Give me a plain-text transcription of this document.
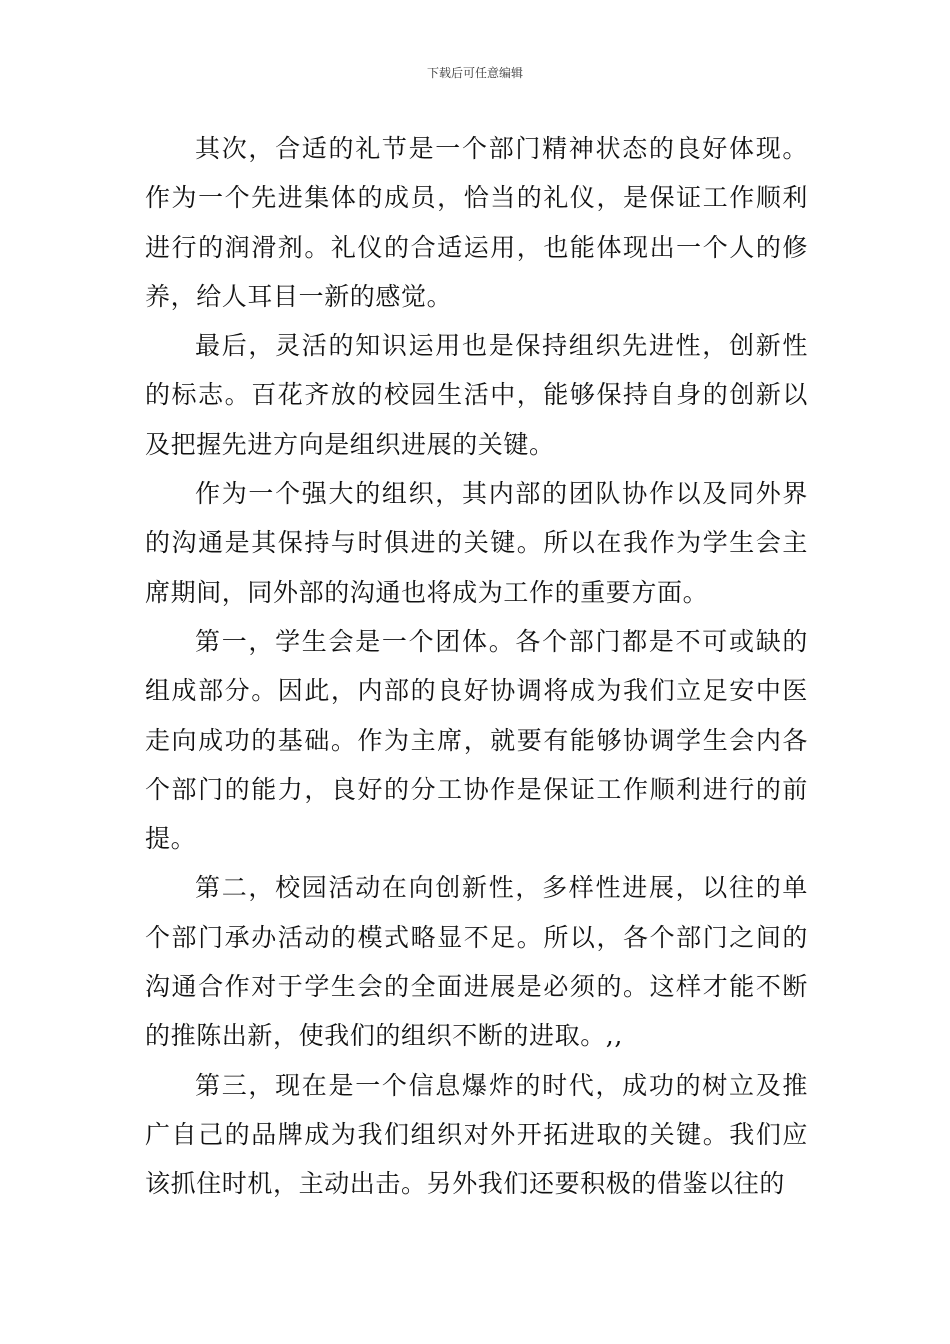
下载后可任意编辑

其次，合适的礼节是一个部门精神状态的良好体现。作为一个先进集体的成员，恰当的礼仪，是保证工作顺利进行的润滑剂。礼仪的合适运用，也能体现出一个人的修养，给人耳目一新的感觉。

最后，灵活的知识运用也是保持组织先进性，创新性的标志。百花齐放的校园生活中，能够保持自身的创新以及把握先进方向是组织进展的关键。

作为一个强大的组织，其内部的团队协作以及同外界的沟通是其保持与时俱进的关键。所以在我作为学生会主席期间，同外部的沟通也将成为工作的重要方面。

第一，学生会是一个团体。各个部门都是不可或缺的组成部分。因此，内部的良好协调将成为我们立足安中医走向成功的基础。作为主席，就要有能够协调学生会内各个部门的能力，良好的分工协作是保证工作顺利进行的前提。

第二，校园活动在向创新性，多样性进展，以往的单个部门承办活动的模式略显不足。所以，各个部门之间的沟通合作对于学生会的全面进展是必须的。这样才能不断的推陈出新，使我们的组织不断的进取。,,

第三，现在是一个信息爆炸的时代，成功的树立及推广自己的品牌成为我们组织对外开拓进取的关键。我们应该抓住时机，主动出击。另外我们还要积极的借鉴以往的
